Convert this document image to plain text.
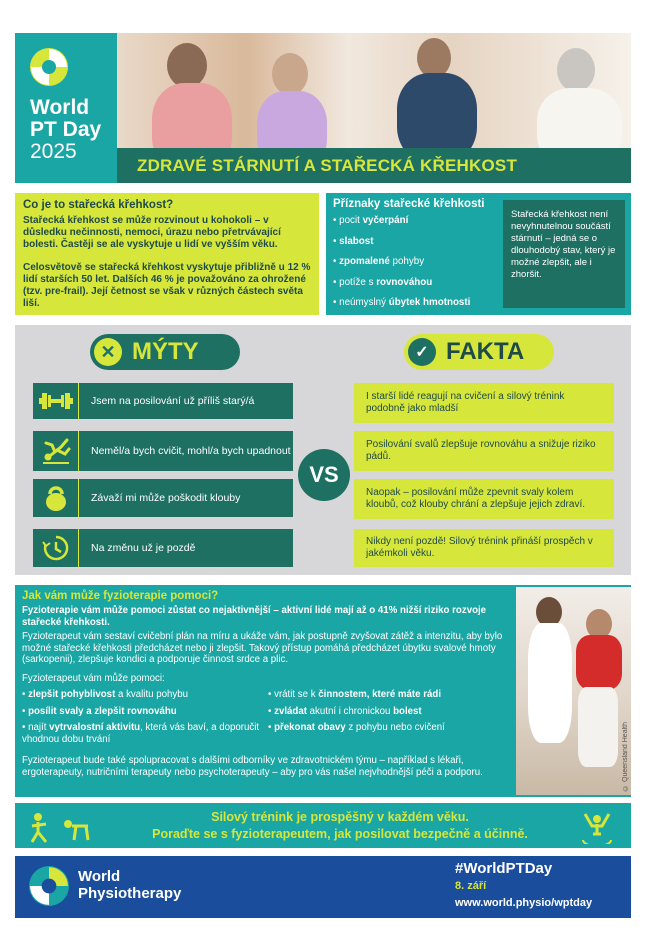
World
PT Day
2025
ZDRAVÉ STÁRNUTÍ A STAŘECKÁ KŘEHKOST
Co je to stařecká křehkost?
Stařecká křehkost se může rozvinout u kohokoli – v důsledku nečinnosti, nemoci, úrazu nebo přetrvávající bolesti. Častěji se ale vyskytuje u lidí ve vyšším věku.
Celosvětově se stařecká křehkost vyskytuje přibližně u 12 % lidí starších 50 let. Dalších 46 % je považováno za ohrožené (tzv. pre-frail). Její četnost se však v různých částech světa liší.
Příznaky stařecké křehkosti
• pocit vyčerpání
• slabost
• zpomalené pohyby
• potíže s rovnováhou
• neúmyslný úbytek hmotnosti
Stařecká křehkost není nevyhnutelnou součástí stárnutí – jedná se o dlouhodobý stav, který je možné zlepšit, ale i zhoršit.
✕ MÝTY	✓ FAKTA
Jsem na posilování už příliš starý/á
Neměl/a bych cvičit, mohl/a bych upadnout
Závaží mi může poškodit klouby
Na změnu už je pozdě
VS
I starší lidé reagují na cvičení a silový trénink podobně jako mladší
Posilování svalů zlepšuje rovnováhu a snižuje riziko pádů.
Naopak – posilování může zpevnit svaly kolem kloubů, což klouby chrání a zlepšuje jejich zdraví.
Nikdy není pozdě! Silový trénink přináší prospěch v jakémkoli věku.
Jak vám může fyzioterapie pomoci?
Fyzioterapie vám může pomoci zůstat co nejaktivnější – aktivní lidé mají až o 41% nižší riziko rozvoje stařecké křehkosti.
Fyzioterapeut vám sestaví cvičební plán na míru a ukáže vám, jak postupně zvyšovat zátěž a intenzitu, aby bylo možné stařecké křehkosti předcházet nebo ji zlepšit. Takový přístup pomáhá předcházet úbytku svalové hmoty (sarkopenii), zlepšuje kondici a podporuje činnost srdce a plic.
Fyzioterapeut vám může pomoci:
• zlepšit pohyblivost a kvalitu pohybu
• posílit svaly a zlepšit rovnováhu
• najít vytrvalostní aktivitu, která vás baví, a doporučit vhodnou dobu trvání
• vrátit se k činnostem, které máte rádi
• zvládat akutní i chronickou bolest
• překonat obavy z pohybu nebo cvičení
Fyzioterapeut bude také spolupracovat s dalšími odborníky ve zdravotnickém týmu – například s lékaři, ergoterapeuty, nutričními terapeuty nebo psychoterapeuty – aby pro vás našel nejvhodnější péči a podporu.	© Queensland Health
Silový trénink je prospěšný v každém věku.
Poraďte se s fyzioterapeutem, jak posilovat bezpečně a účinně.
World
Physiotherapy
#WorldPTDay
8. září
www.world.physio/wptday
